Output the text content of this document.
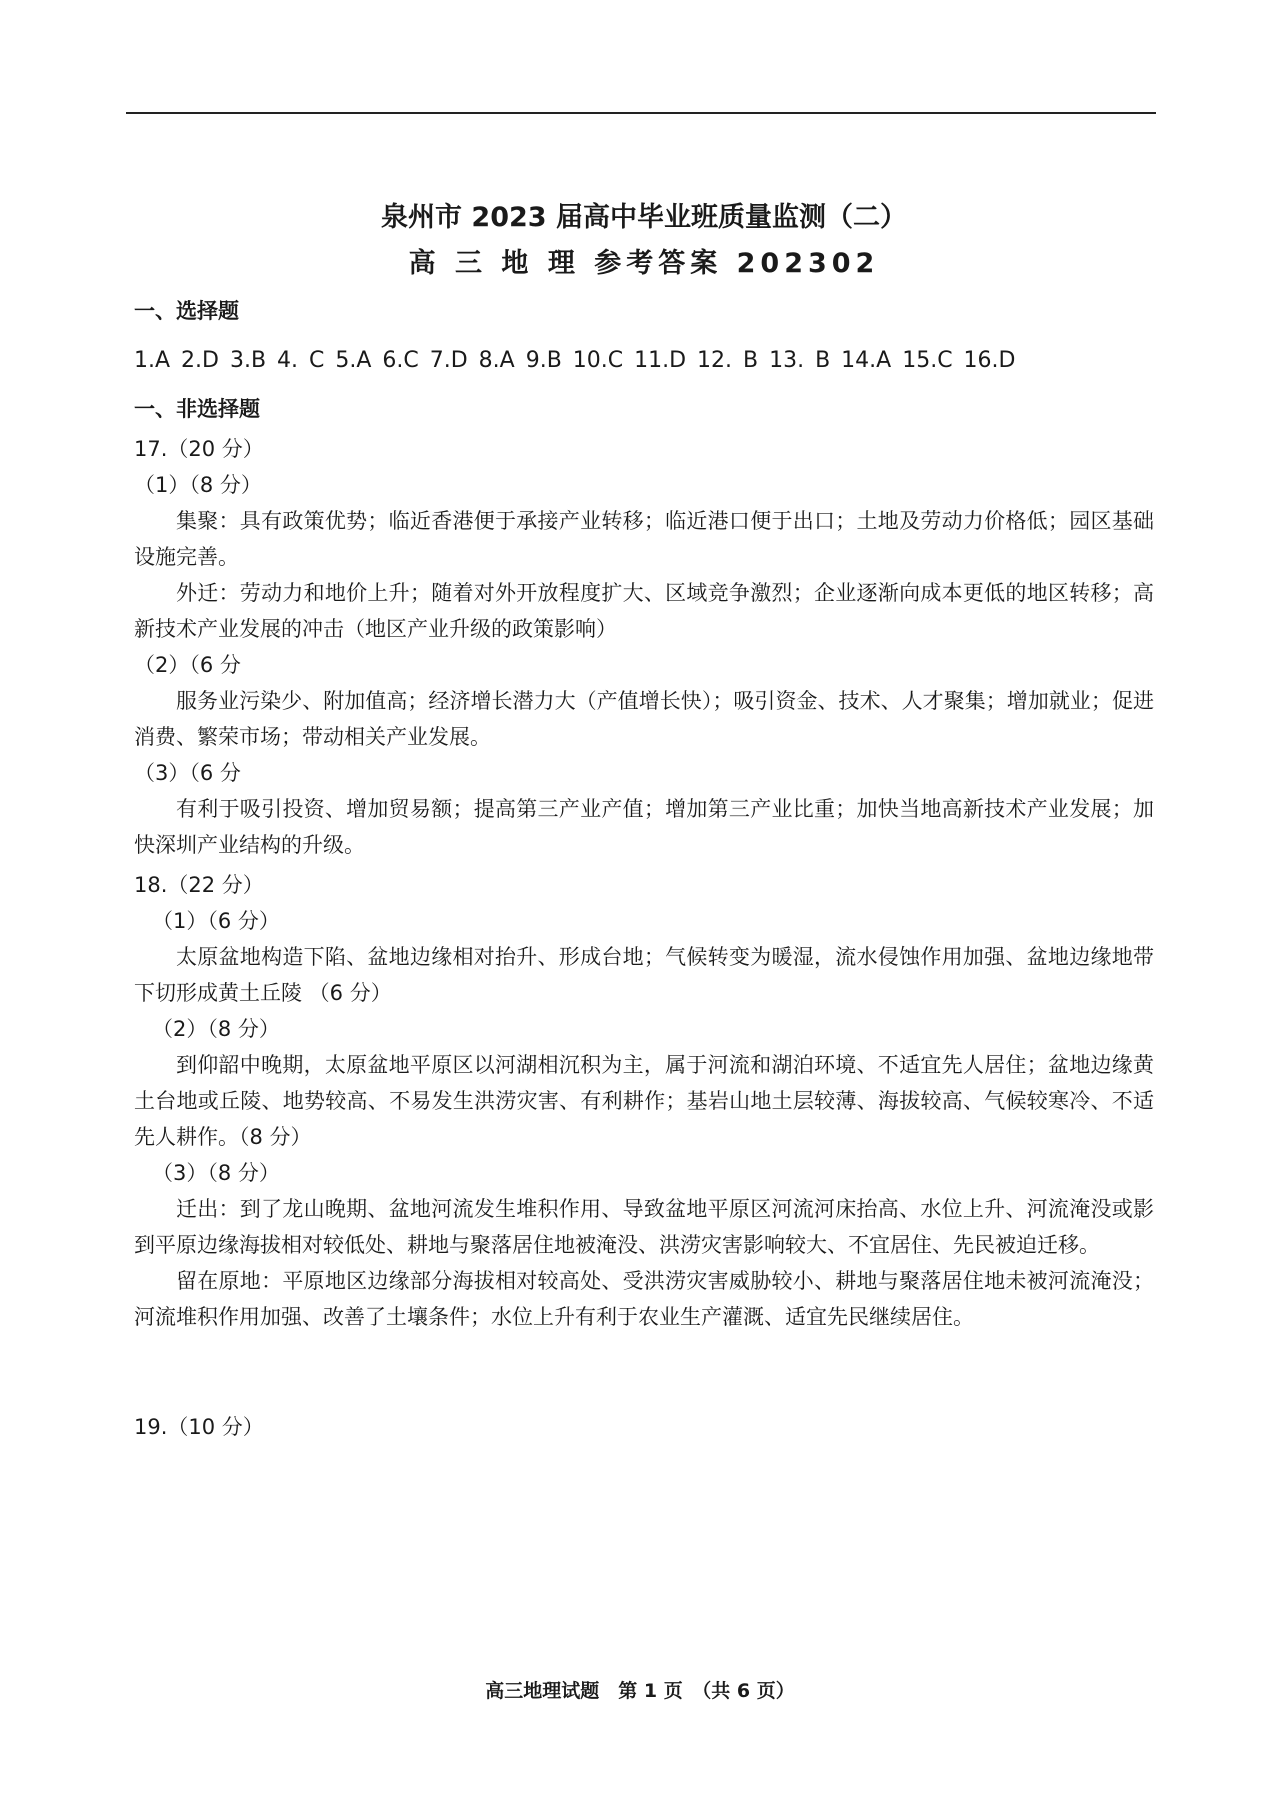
泉州市 2023 届高中毕业班质量监测（二）
高 三 地 理 参考答案 202302
一、选择题
1.A 2.D 3.B 4. C 5.A 6.C 7.D 8.A 9.B 10.C 11.D 12. B 13. B 14.A 15.C 16.D
一、非选择题
17.（20 分）
（1）（8 分）

集聚：具有政策优势；临近香港便于承接产业转移；临近港口便于出口；土地及劳动力价格低；园区基础设施完善。

外迁：劳动力和地价上升；随着对外开放程度扩大、区域竞争激烈；企业逐渐向成本更低的地区转移；高新技术产业发展的冲击（地区产业升级的政策影响）

（2）（6 分

服务业污染少、附加值高；经济增长潜力大（产值增长快）；吸引资金、技术、人才聚集；增加就业；促进消费、繁荣市场；带动相关产业发展。

（3）（6 分

有利于吸引投资、增加贸易额；提高第三产业产值；增加第三产业比重；加快当地高新技术产业发展；加快深圳产业结构的升级。

18.（22 分）
（1）（6 分）

太原盆地构造下陷、盆地边缘相对抬升、形成台地；气候转变为暖湿，流水侵蚀作用加强、盆地边缘地带下切形成黄土丘陵 （6 分）

（2）（8 分）

到仰韶中晚期，太原盆地平原区以河湖相沉积为主，属于河流和湖泊环境、不适宜先人居住；盆地边缘黄土台地或丘陵、地势较高、不易发生洪涝灾害、有利耕作；基岩山地土层较薄、海拔较高、气候较寒冷、不适先人耕作。（8 分）

（3）（8 分）

迁出：到了龙山晚期、盆地河流发生堆积作用、导致盆地平原区河流河床抬高、水位上升、河流淹没或影到平原边缘海拔相对较低处、耕地与聚落居住地被淹没、洪涝灾害影响较大、不宜居住、先民被迫迁移。

留在原地：平原地区边缘部分海拔相对较高处、受洪涝灾害威胁较小、耕地与聚落居住地未被河流淹没；河流堆积作用加强、改善了土壤条件；水位上升有利于农业生产灌溉、适宜先民继续居住。

19.（10 分）
高三地理试题　第 1 页　（共 6 页）
